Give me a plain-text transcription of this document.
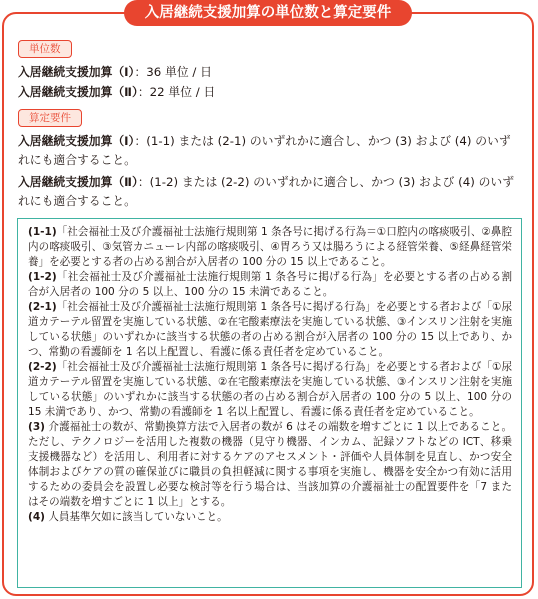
入居継続支援加算の単位数と算定要件
単位数
入居継続支援加算（Ⅰ）：36 単位 / 日
入居継続支援加算（Ⅱ）：22 単位 / 日
算定要件
入居継続支援加算（Ⅰ）：(1-1) または (2-1) のいずれかに適合し、かつ (3) および (4) のいずれにも適合すること。
入居継続支援加算（Ⅱ）：(1-2) または (2-2) のいずれかに適合し、かつ (3) および (4) のいずれにも適合すること。

(1-1)「社会福祉士及び介護福祉士法施行規則第 1 条各号に掲げる行為＝①口腔内の喀痰吸引、②鼻腔内の喀痰吸引、③気管カニューレ内部の喀痰吸引、④胃ろう又は腸ろうによる経管栄養、⑤経鼻経管栄養」を必要とする者の占める割合が入居者の 100 分の 15 以上であること。

(1-2)「社会福祉士及び介護福祉士法施行規則第 1 条各号に掲げる行為」を必要とする者の占める割合が入居者の 100 分の 5 以上、100 分の 15 未満であること。

(2-1)「社会福祉士及び介護福祉士法施行規則第 1 条各号に掲げる行為」を必要とする者および「①尿道カテーテル留置を実施している状態、②在宅酸素療法を実施している状態、③インスリン注射を実施している状態」のいずれかに該当する状態の者の占める割合が入居者の 100 分の 15 以上であり、かつ、常勤の看護師を 1 名以上配置し、看護に係る責任者を定めていること。

(2-2)「社会福祉士及び介護福祉士法施行規則第 1 条各号に掲げる行為」を必要とする者および「①尿道カテーテル留置を実施している状態、②在宅酸素療法を実施している状態、③インスリン注射を実施している状態」のいずれかに該当する状態の者の占める割合が入居者の 100 分の 5 以上、100 分の 15 未満であり、かつ、常勤の看護師を 1 名以上配置し、看護に係る責任者を定めていること。

(3) 介護福祉士の数が、常勤換算方法で入居者の数が 6 はその端数を増すごとに 1 以上であること。ただし、テクノロジーを活用した複数の機器（見守り機器、インカム、記録ソフトなどの ICT、移乗支援機器など）を活用し、利用者に対するケアのアセスメント・評価や人員体制を見直し、かつ安全体制およびケアの質の確保並びに職員の負担軽減に関する事項を実施し、機器を安全かつ有効に活用するための委員会を設置し必要な検討等を行う場合は、当該加算の介護福祉士の配置要件を「7 またはその端数を増すごとに 1 以上」とする。

(4) 人員基準欠如に該当していないこと。
